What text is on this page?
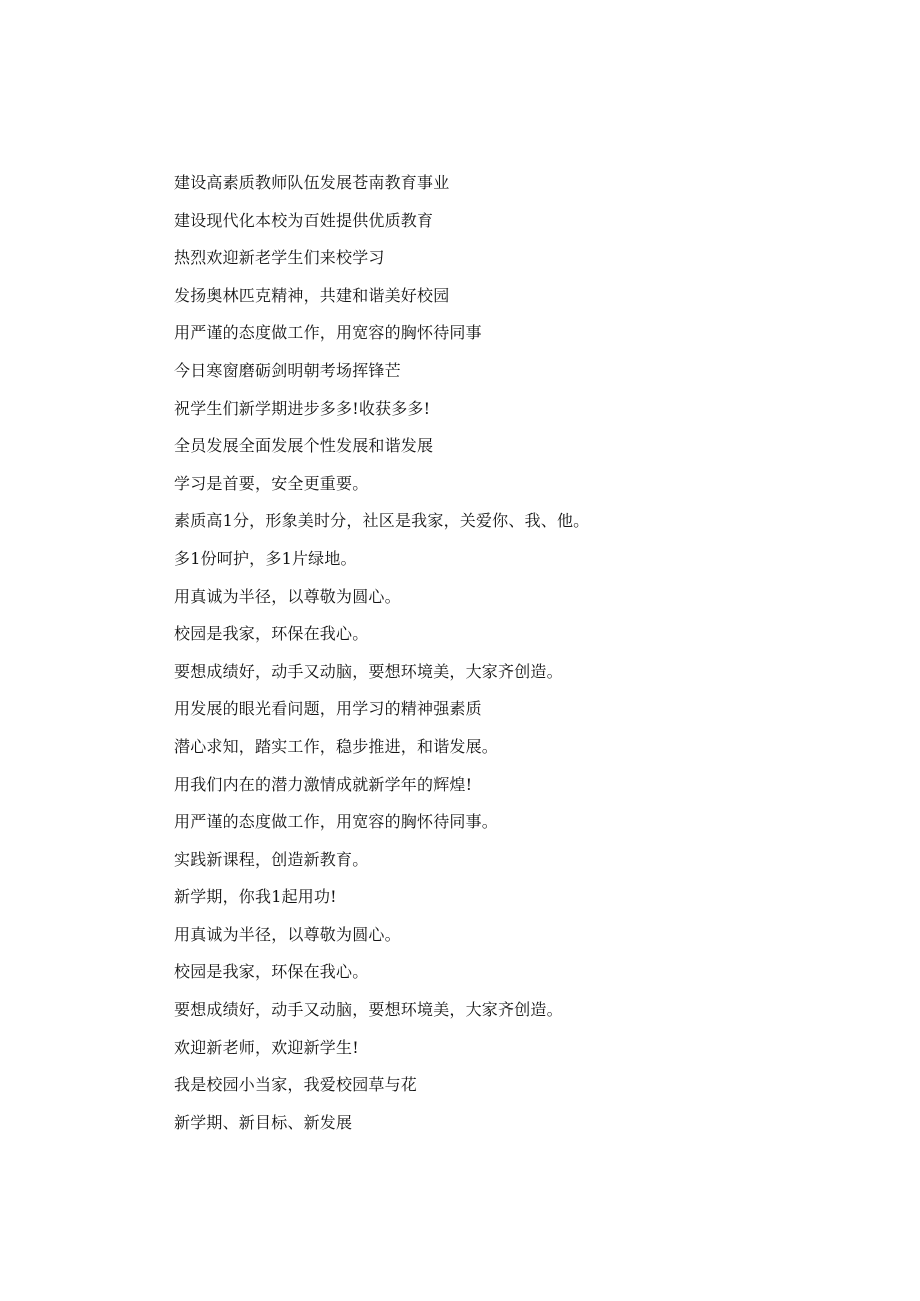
建设高素质教师队伍发展苍南教育事业
建设现代化本校为百姓提供优质教育
热烈欢迎新老学生们来校学习
发扬奥林匹克精神，共建和谐美好校园
用严谨的态度做工作，用宽容的胸怀待同事
今日寒窗磨砺剑明朝考场挥锋芒
祝学生们新学期进步多多!收获多多!
全员发展全面发展个性发展和谐发展
学习是首要，安全更重要。
素质高1分，形象美时分，社区是我家，关爱你、我、他。
多1份呵护，多1片绿地。
用真诚为半径，以尊敬为圆心。
校园是我家，环保在我心。
要想成绩好，动手又动脑，要想环境美，大家齐创造。
用发展的眼光看问题，用学习的精神强素质
潜心求知，踏实工作，稳步推进，和谐发展。
用我们内在的潜力激情成就新学年的辉煌!
用严谨的态度做工作，用宽容的胸怀待同事。
实践新课程，创造新教育。
新学期，你我1起用功!
用真诚为半径，以尊敬为圆心。
校园是我家，环保在我心。
要想成绩好，动手又动脑，要想环境美，大家齐创造。
欢迎新老师，欢迎新学生!
我是校园小当家，我爱校园草与花
新学期、新目标、新发展
